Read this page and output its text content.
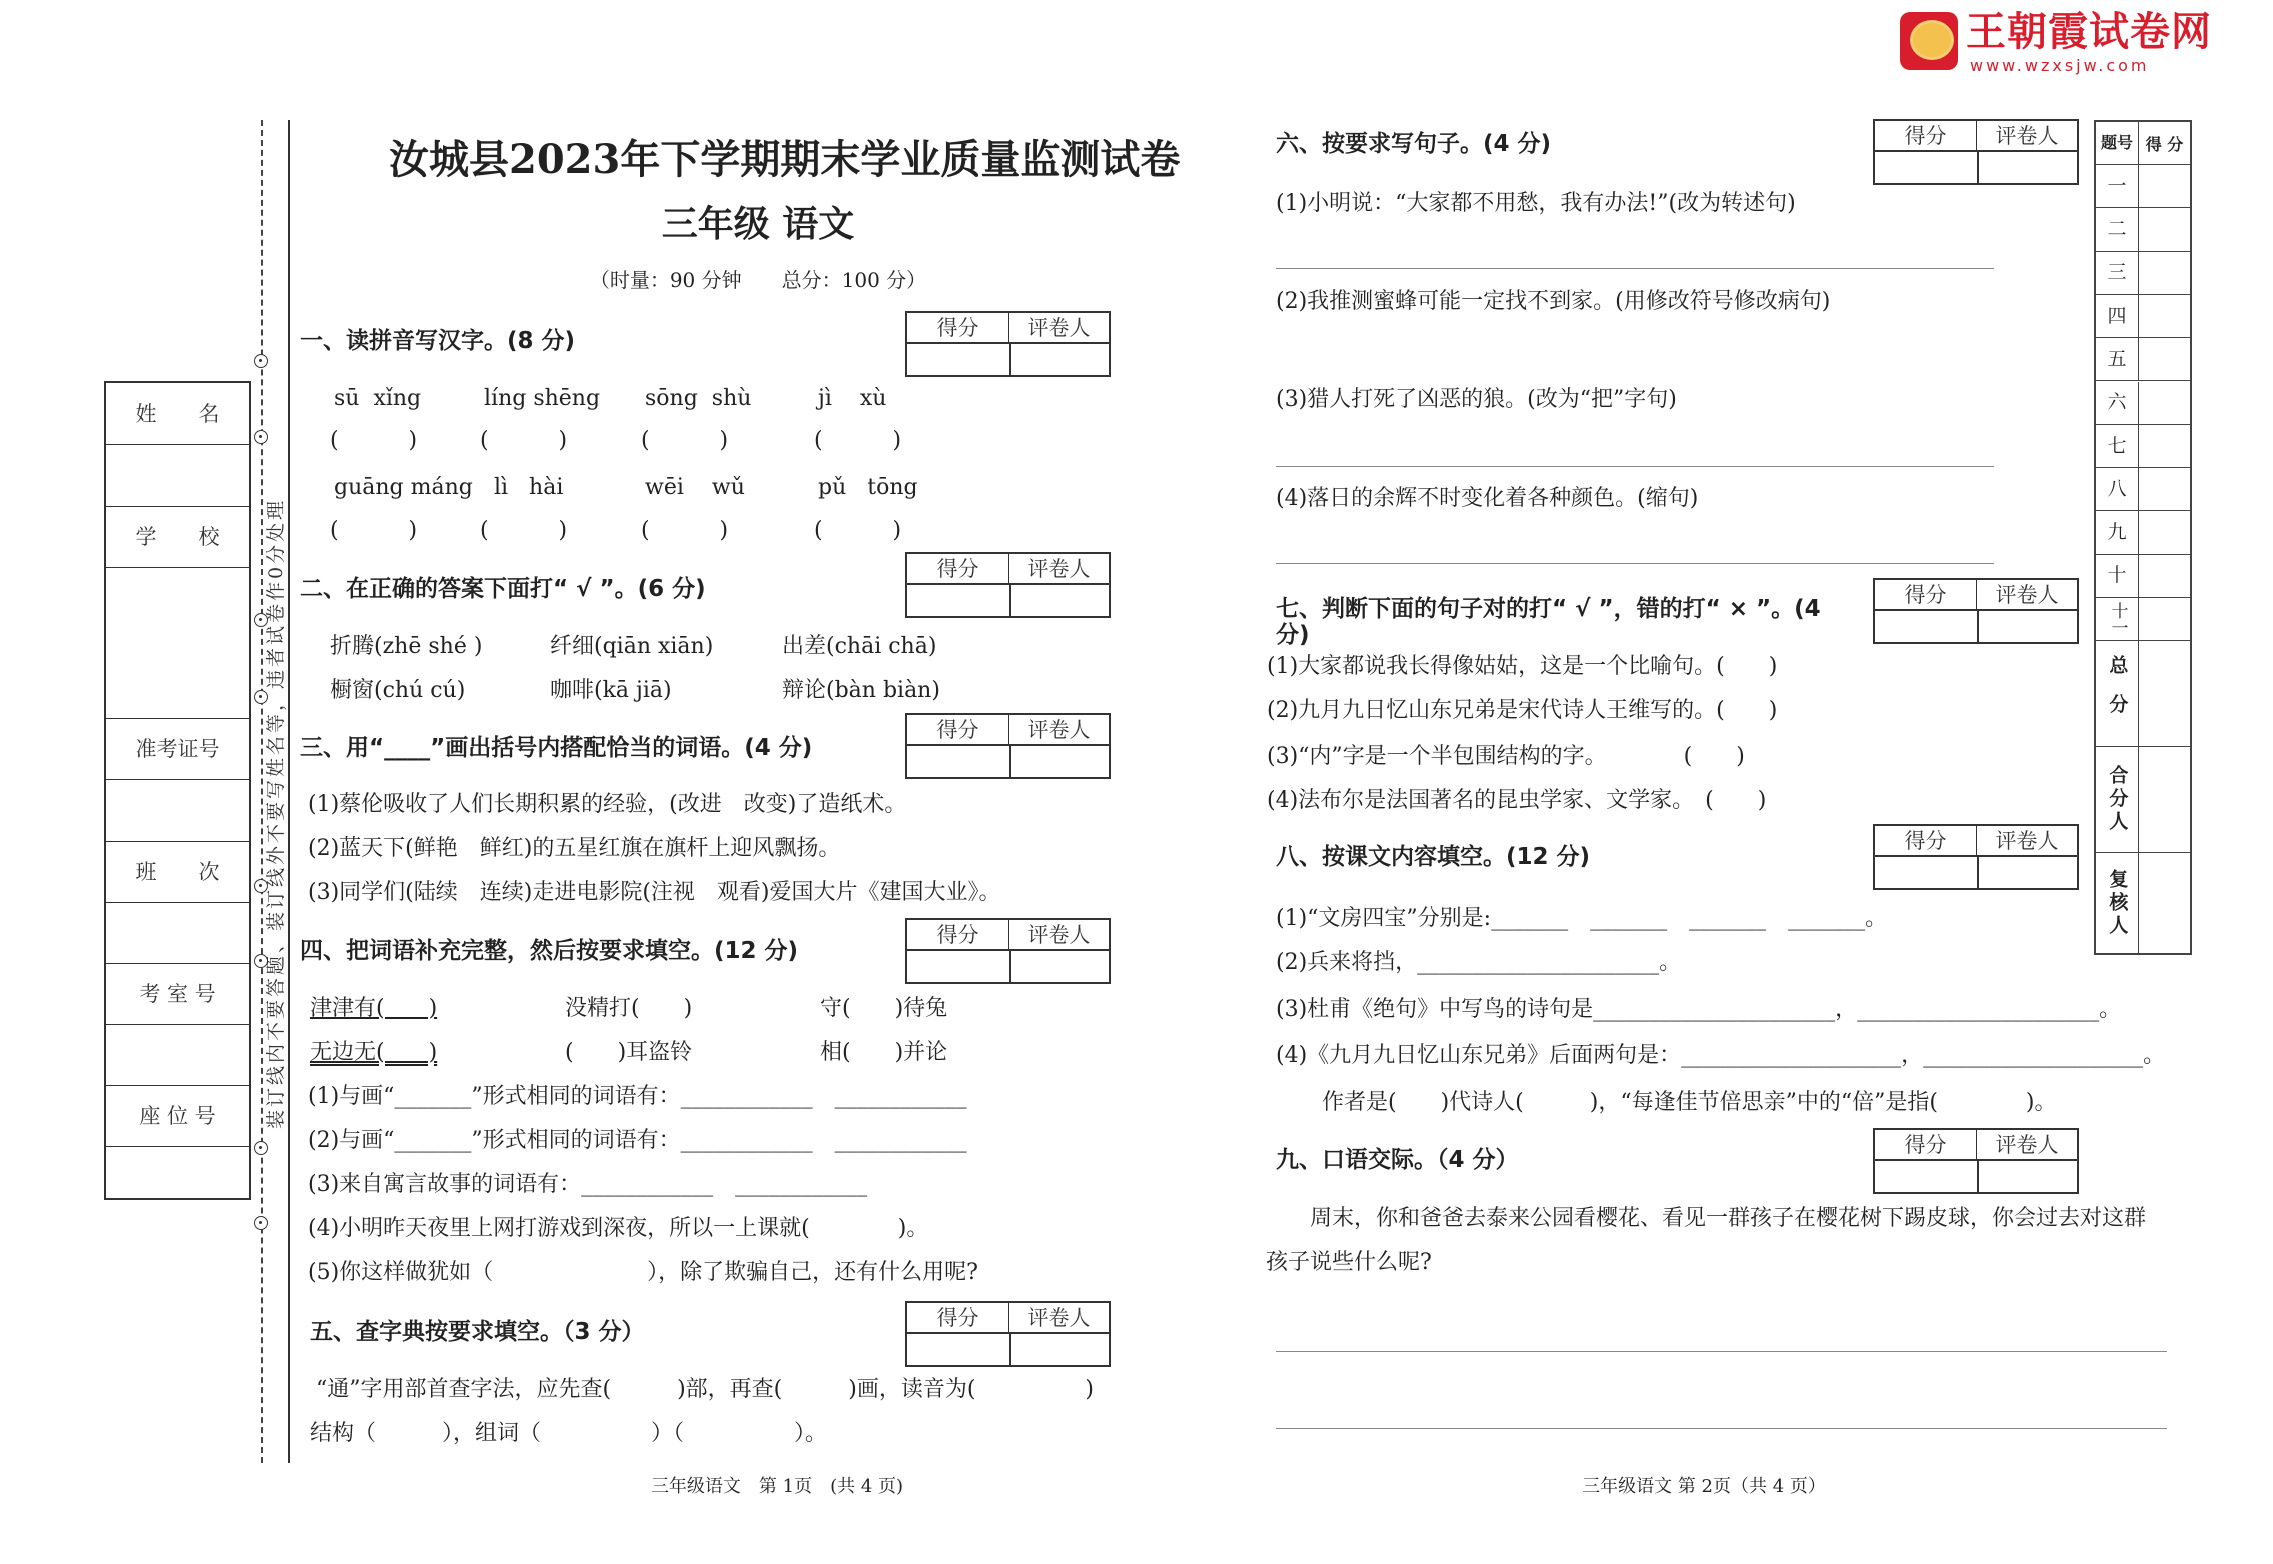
王朝霞试卷网
www.wzxsjw.com
姓　　名
学　　校
准考证号
班　　次
考 室 号
座 位 号	装订线内不要答题、装订线外不要写姓名等，违者试卷作0分处理
汝城县2023年下学期期末学业质量监测试卷
三年级 语文
（时量：90 分钟　　总分：100 分）
得分	评卷人
得分	评卷人
得分	评卷人
得分	评卷人
得分	评卷人
得分	评卷人
得分	评卷人
得分	评卷人
得分	评卷人
一、读拼音写汉字。(8 分)
sū  xǐng	líng shēng sōng  shù	jì    xù
(          )	(          )	(          )	(          )
guāng máng lì   hài	wēi    wǔ	pǔ   tōng
(          )	(          )	(          )	(          )
二、在正确的答案下面打“ √ ”。(6 分)
折腾(zhē shé )	纤细(qiān xiān)	出差(chāi chā)
橱窗(chú cú)	咖啡(kā jiā)	辩论(bàn biàn)
三、用“____”画出括号内搭配恰当的词语。(4 分)
(1)蔡伦吸收了人们长期积累的经验，(改进　改变)了造纸术。
(2)蓝天下(鲜艳　鲜红)的五星红旗在旗杆上迎风飘扬。
(3)同学们(陆续　连续)走进电影院(注视　观看)爱国大片《建国大业》。
四、把词语补充完整，然后按要求填空。(12 分)
津津有(　　)	没精打(　　)	守(　　)待兔
无边无(　　)	(　　)耳盗铃	相(　　)并论
(1)与画“_______”形式相同的词语有：____________　____________
(2)与画“_______”形式相同的词语有：____________　____________
(3)来自寓言故事的词语有：____________　____________
(4)小明昨天夜里上网打游戏到深夜，所以一上课就(　　　　)。
(5)你这样做犹如（　　　　　　　），除了欺骗自己，还有什么用呢?
五、查字典按要求填空。（3 分）
“通”字用部首查字法，应先查(　　　)部，再查(　　　)画，读音为(　　　　　)
结构（　　　），组词（　　　　　）（　　　　　）。
三年级语文　第 1页　(共 4 页)
六、按要求写句子。(4 分)
(1)小明说：“大家都不用愁，我有办法!”(改为转述句)
(2)我推测蜜蜂可能一定找不到家。(用修改符号修改病句)
(3)猎人打死了凶恶的狼。(改为“把”字句)
(4)落日的余辉不时变化着各种颜色。(缩句)
七、判断下面的句子对的打“ √ ”，错的打“ × ”。(4 分)
(1)大家都说我长得像姑姑，这是一个比喻句。(　　)
(2)九月九日忆山东兄弟是宋代诗人王维写的。(　　)
(3)“内”字是一个半包围结构的字。　　　　(　　)
(4)法布尔是法国著名的昆虫学家、文学家。　(　　)
八、按课文内容填空。(12 分)
(1)“文房四宝”分别是:_______　_______　_______　_______。
(2)兵来将挡，______________________。
(3)杜甫《绝句》中写鸟的诗句是______________________，______________________。
(4)《九月九日忆山东兄弟》后面两句是：____________________，____________________。
作者是(　　)代诗人(　　　)，“每逢佳节倍思亲”中的“倍”是指(　　　　)。
九、口语交际。（4 分）
周末，你和爸爸去泰来公园看樱花、看见一群孩子在樱花树下踢皮球，你会过去对这群
孩子说些什么呢?
三年级语文 第 2页（共 4 页）
题号 得 分
一
二
三
四
五
六
七
八
九
十
十一
总分
合分人
复核人
